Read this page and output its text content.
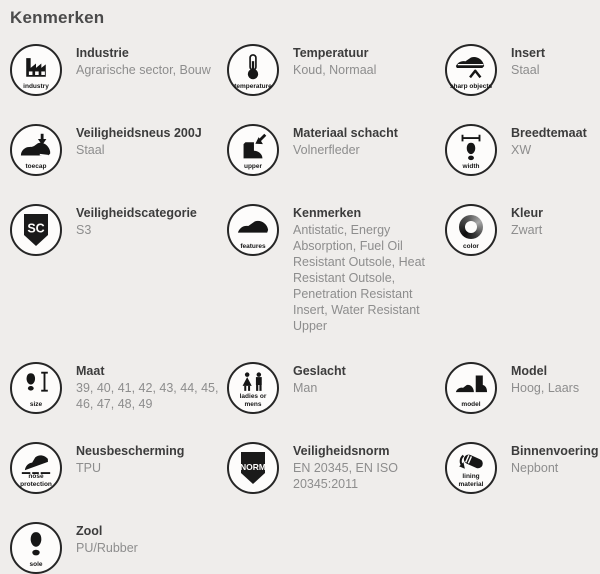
Kenmerken
industry
Industrie
Agrarische sector, Bouw
temperature
Temperatuur
Koud, Normaal
sharp objects
Insert
Staal
toecap
Veiligheidsneus 200J
Staal
upper
Materiaal schacht
Volnerfleder
width
Breedtemaat
XW
SC
Veiligheidscategorie
S3
features
Kenmerken
Antistatic, Energy Absorption, Fuel Oil Resistant Outsole, Heat Resistant Outsole, Penetration Resistant Insert, Water Resistant Upper
color
Kleur
Zwart
size
Maat
39, 40, 41, 42, 43, 44, 45, 46, 47, 48, 49
ladies or mens
Geslacht
Man
model
Model
Hoog, Laars
nose protection
Neusbescherming
TPU	NORM
Veiligheidsnorm
EN 20345, EN ISO 20345:2011
lining material
Binnenvoering
Nepbont
sole
Zool
PU/Rubber
